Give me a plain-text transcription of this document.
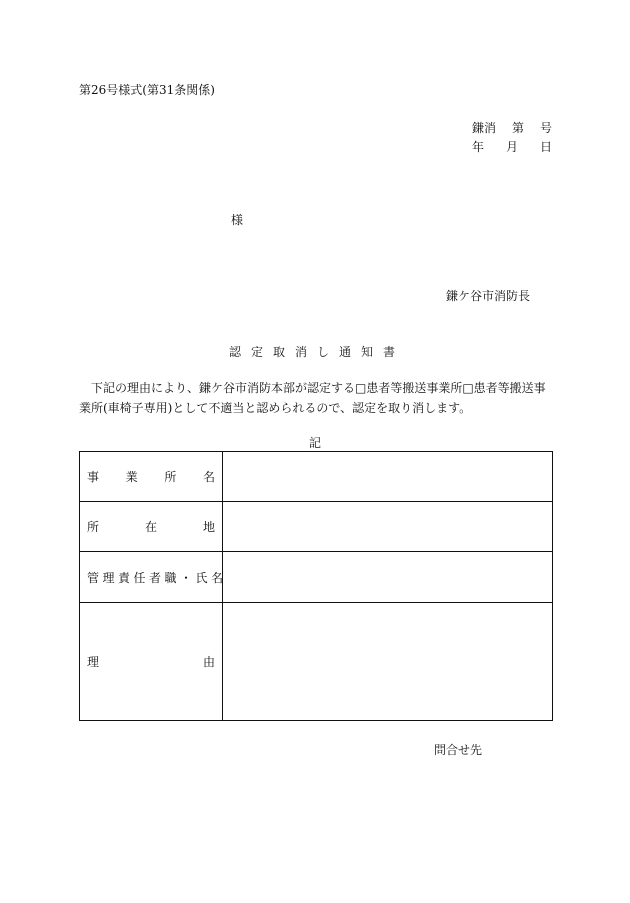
第26号様式(第31条関係)
鎌消 第 号
年 月 日
様
鎌ケ谷市消防長
認定取消し通知書
下記の理由により、鎌ケ谷市消防本部が認定する□患者等搬送事業所□患者等搬送事業所(車椅子専用)として不適当と認められるので、認定を取り消します。
記
事 業 所 名	

所 在 地	

管理責任者職・氏名	

理 由	

問合せ先
